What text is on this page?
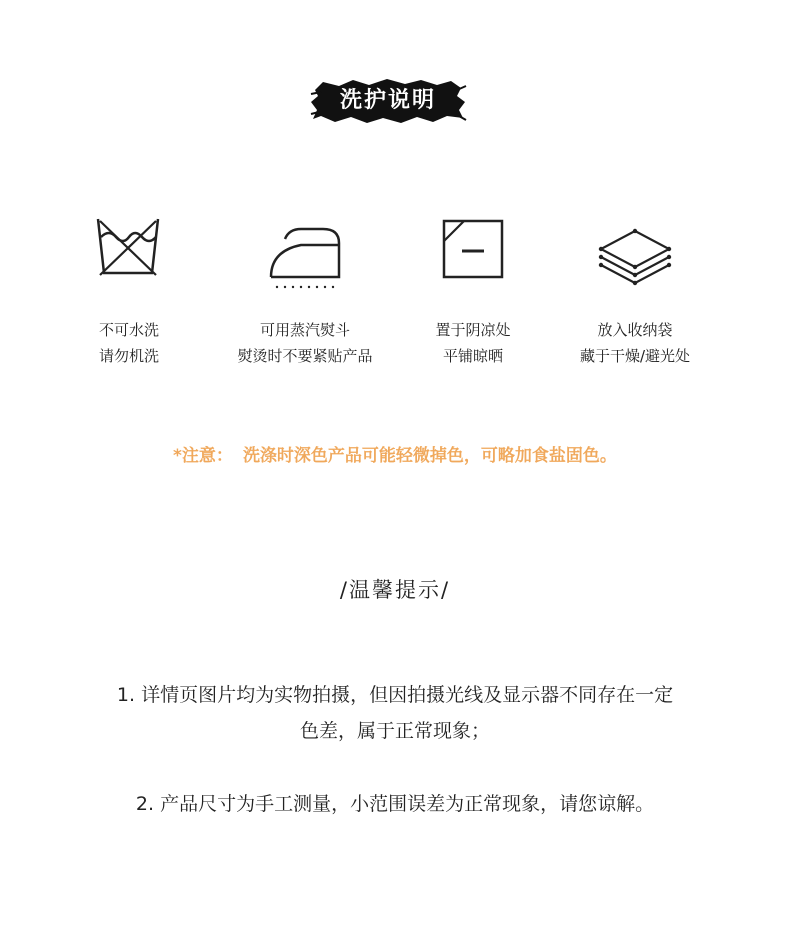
洗护说明
不可水洗
请勿机洗
可用蒸汽熨斗
熨烫时不要紧贴产品
置于阴凉处
平铺晾晒
放入收纳袋
藏于干燥/避光处
*注意： 洗涤时深色产品可能轻微掉色，可略加食盐固色。
/温馨提示/
1. 详情页图片均为实物拍摄，但因拍摄光线及显示器不同存在一定
色差，属于正常现象；
2. 产品尺寸为手工测量，小范围误差为正常现象，请您谅解。
